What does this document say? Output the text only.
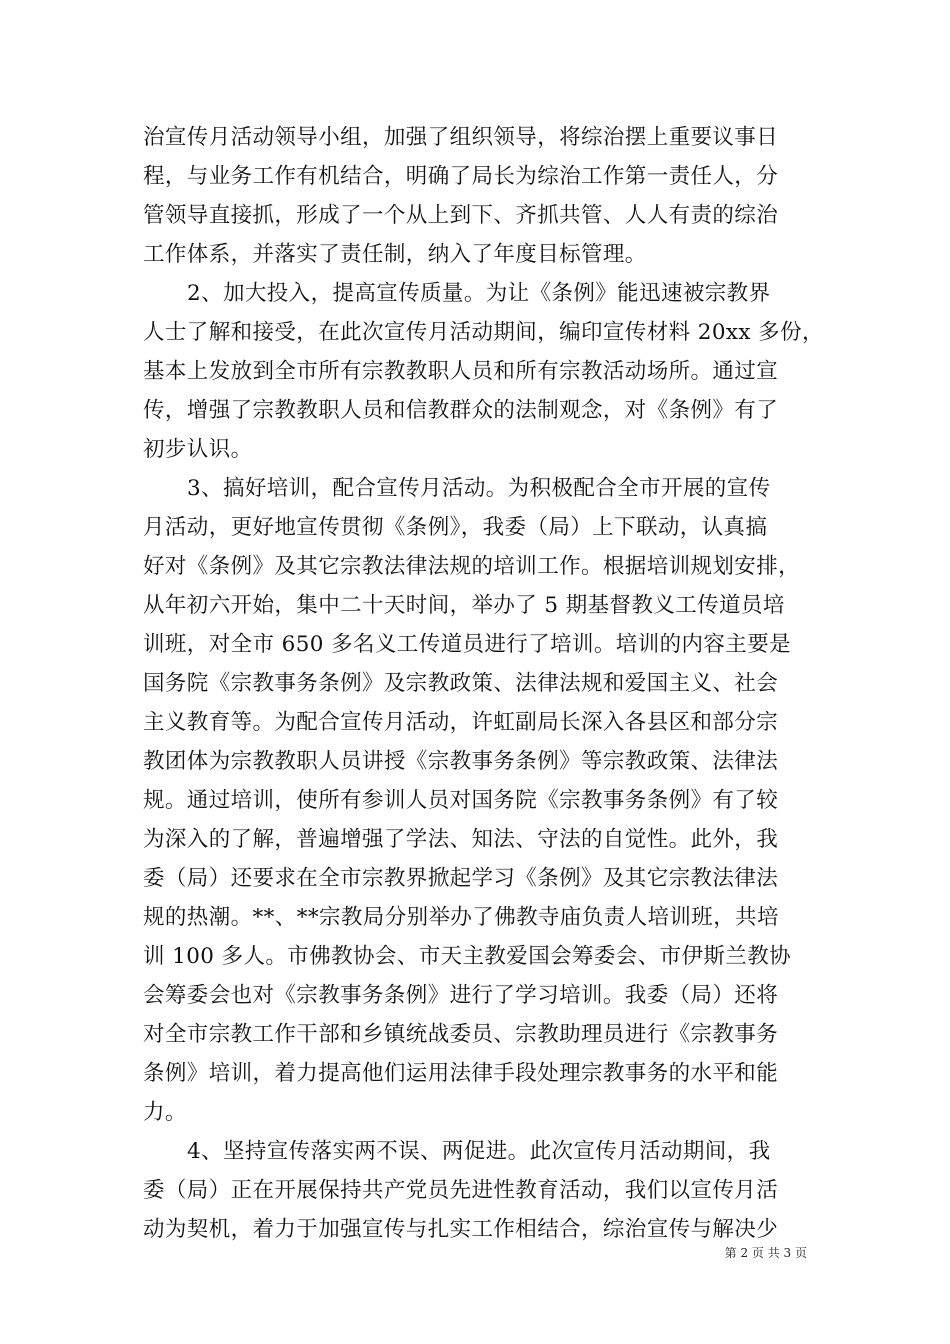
治宣传月活动领导小组，加强了组织领导，将综治摆上重要议事日
程，与业务工作有机结合，明确了局长为综治工作第一责任人，分
管领导直接抓，形成了一个从上到下、齐抓共管、人人有责的综治
工作体系，并落实了责任制，纳入了年度目标管理。
2、加大投入，提高宣传质量。为让《条例》能迅速被宗教界
人士了解和接受，在此次宣传月活动期间，编印宣传材料 20xx 多份，
基本上发放到全市所有宗教教职人员和所有宗教活动场所。通过宣
传，增强了宗教教职人员和信教群众的法制观念，对《条例》有了
初步认识。
3、搞好培训，配合宣传月活动。为积极配合全市开展的宣传
月活动，更好地宣传贯彻《条例》，我委（局）上下联动，认真搞
好对《条例》及其它宗教法律法规的培训工作。根据培训规划安排，
从年初六开始，集中二十天时间，举办了 5 期基督教义工传道员培
训班，对全市 650 多名义工传道员进行了培训。培训的内容主要是
国务院《宗教事务条例》及宗教政策、法律法规和爱国主义、社会
主义教育等。为配合宣传月活动，许虹副局长深入各县区和部分宗
教团体为宗教教职人员讲授《宗教事务条例》等宗教政策、法律法
规。通过培训，使所有参训人员对国务院《宗教事务条例》有了较
为深入的了解，普遍增强了学法、知法、守法的自觉性。此外，我
委（局）还要求在全市宗教界掀起学习《条例》及其它宗教法律法
规的热潮。**、**宗教局分别举办了佛教寺庙负责人培训班，共培
训 100 多人。市佛教协会、市天主教爱国会筹委会、市伊斯兰教协
会筹委会也对《宗教事务条例》进行了学习培训。我委（局）还将
对全市宗教工作干部和乡镇统战委员、宗教助理员进行《宗教事务
条例》培训，着力提高他们运用法律手段处理宗教事务的水平和能
力。
4、坚持宣传落实两不误、两促进。此次宣传月活动期间，我
委（局）正在开展保持共产党员先进性教育活动，我们以宣传月活
动为契机，着力于加强宣传与扎实工作相结合，综治宣传与解决少
第 2 页 共 3 页
